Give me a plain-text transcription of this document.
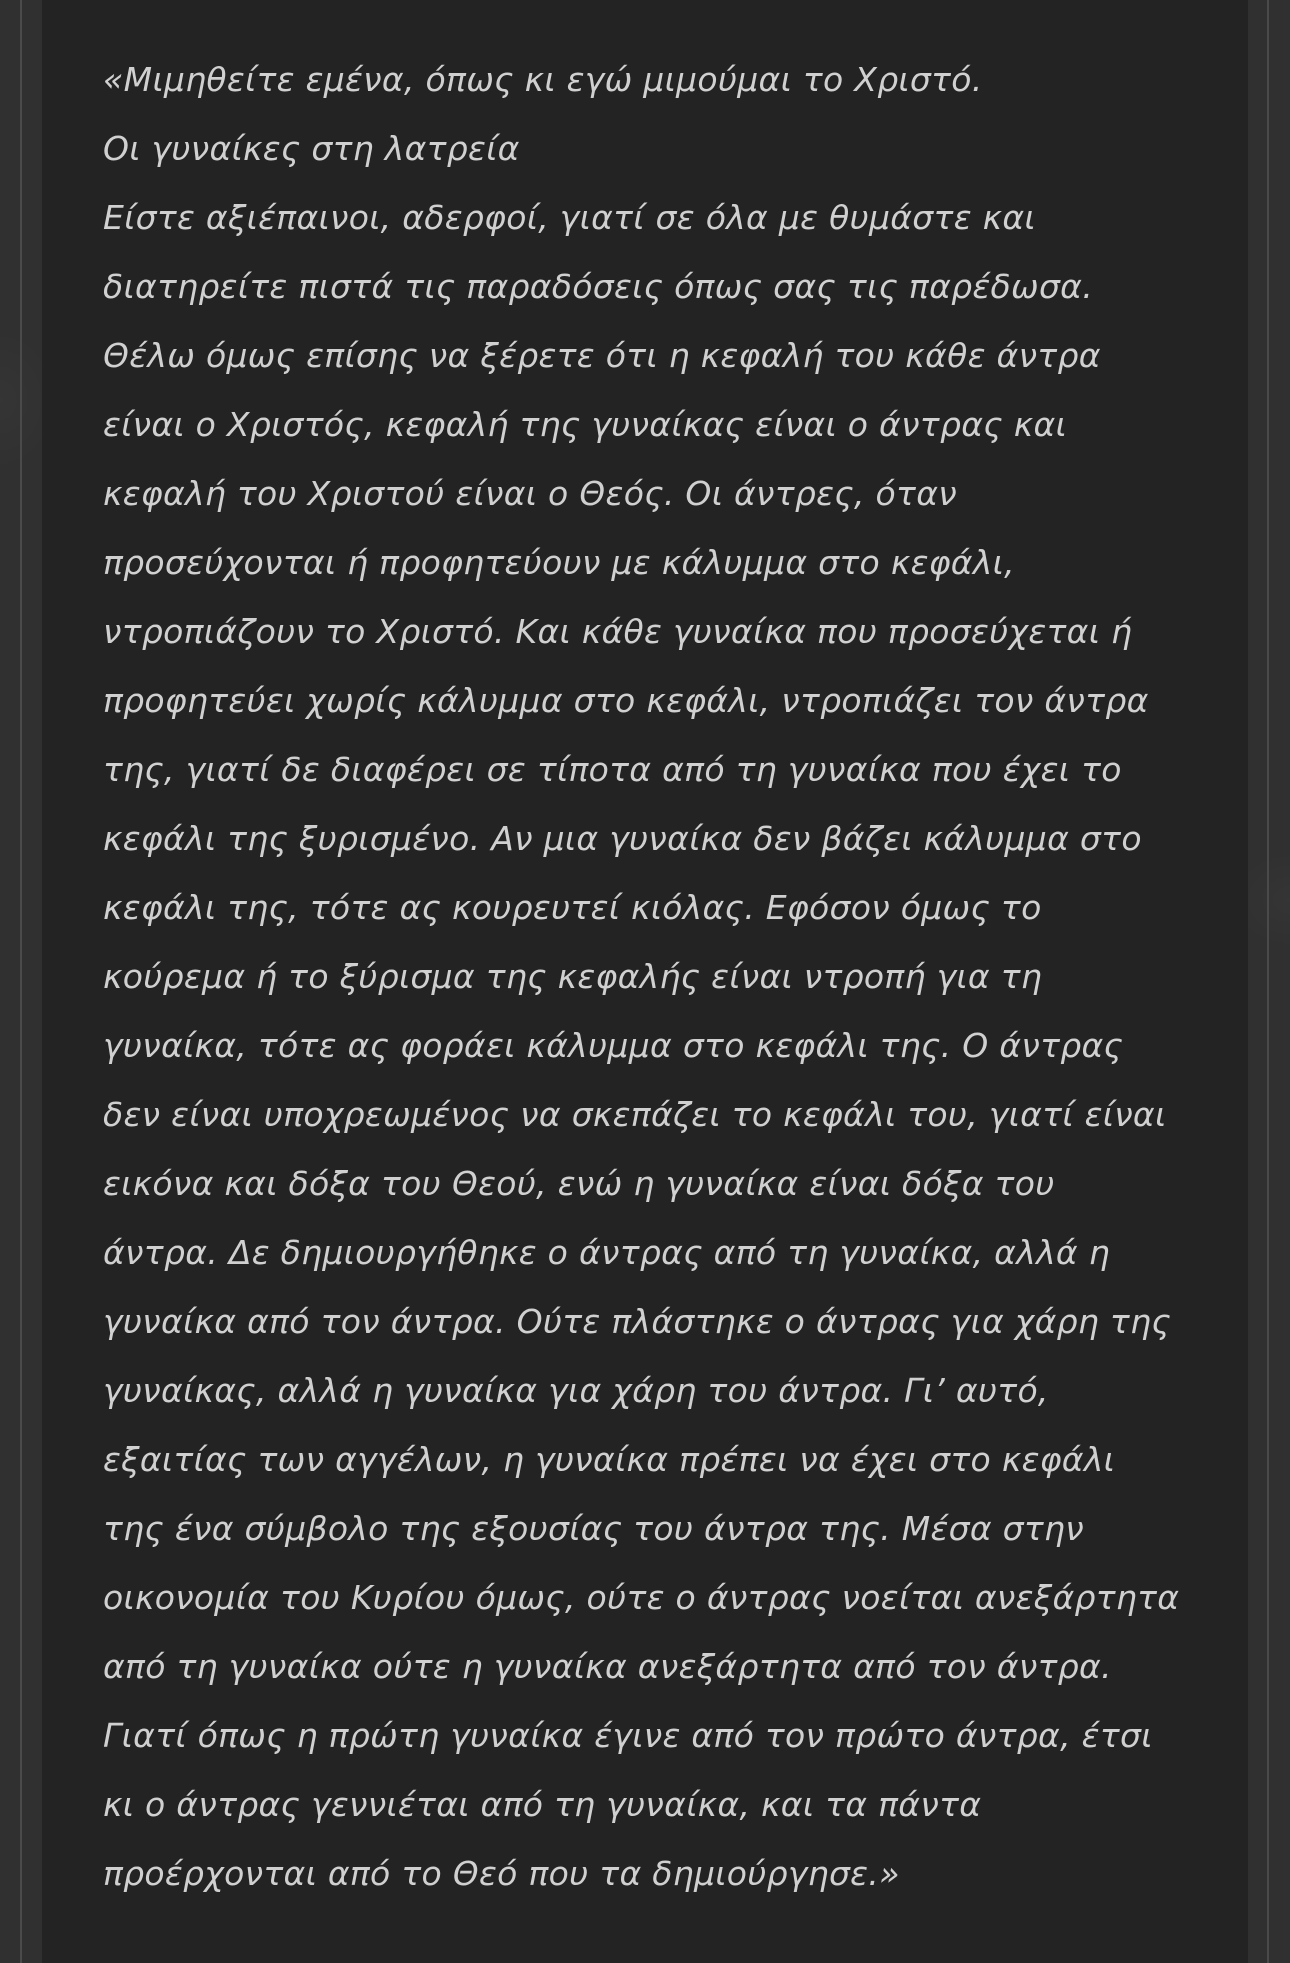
«Μιμηθείτε εμένα, όπως κι εγώ μιμούμαι το Χριστό.
Οι γυναίκες στη λατρεία
Είστε αξιέπαινοι, αδερφοί, γιατί σε όλα με θυμάστε και
διατηρείτε πιστά τις παραδόσεις όπως σας τις παρέδωσα.
Θέλω όμως επίσης να ξέρετε ότι η κεφαλή του κάθε άντρα
είναι ο Χριστός, κεφαλή της γυναίκας είναι ο άντρας και
κεφαλή του Χριστού είναι ο Θεός. Οι άντρες, όταν
προσεύχονται ή προφητεύουν με κάλυμμα στο κεφάλι,
ντροπιάζουν το Χριστό. Και κάθε γυναίκα που προσεύχεται ή
προφητεύει χωρίς κάλυμμα στο κεφάλι, ντροπιάζει τον άντρα
της, γιατί δε διαφέρει σε τίποτα από τη γυναίκα που έχει το
κεφάλι της ξυρισμένο. Αν μια γυναίκα δεν βάζει κάλυμμα στο
κεφάλι της, τότε ας κουρευτεί κιόλας. Εφόσον όμως το
κούρεμα ή το ξύρισμα της κεφαλής είναι ντροπή για τη
γυναίκα, τότε ας φοράει κάλυμμα στο κεφάλι της. Ο άντρας
δεν είναι υποχρεωμένος να σκεπάζει το κεφάλι του, γιατί είναι
εικόνα και δόξα του Θεού, ενώ η γυναίκα είναι δόξα του
άντρα. Δε δημιουργήθηκε ο άντρας από τη γυναίκα, αλλά η
γυναίκα από τον άντρα. Ούτε πλάστηκε ο άντρας για χάρη της
γυναίκας, αλλά η γυναίκα για χάρη του άντρα. Γι’ αυτό,
εξαιτίας των αγγέλων, η γυναίκα πρέπει να έχει στο κεφάλι
της ένα σύμβολο της εξουσίας του άντρα της. Μέσα στην
οικονομία του Κυρίου όμως, ούτε ο άντρας νοείται ανεξάρτητα
από τη γυναίκα ούτε η γυναίκα ανεξάρτητα από τον άντρα.
Γιατί όπως η πρώτη γυναίκα έγινε από τον πρώτο άντρα, έτσι
κι ο άντρας γεννιέται από τη γυναίκα, και τα πάντα
προέρχονται από το Θεό που τα δημιούργησε.»
